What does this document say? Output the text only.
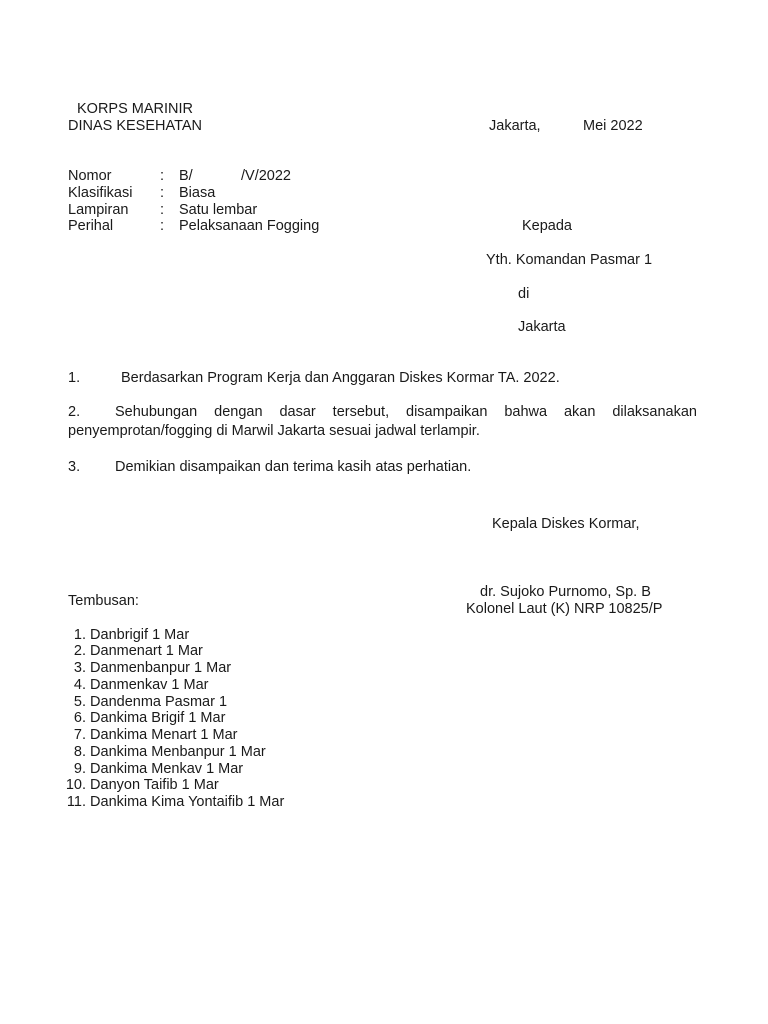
KORPS MARINIR
DINAS KESEHATAN	Jakarta,	Mei 2022
Nomor	: B/	/V/2022
Klasifikasi : Biasa
Lampiran : Satu lembar
Perihal	: Pelaksanaan Fogging	Kepada
Yth. Komandan Pasmar 1
di
Jakarta
1.	Berdasarkan Program Kerja dan Anggaran Diskes Kormar TA. 2022.
Sehubungan dengan dasar tersebut, disampaikan bahwa akan dilaksanakan penyemprotan/fogging di Marwil Jakarta sesuai jadwal terlampir.
2.
3. Demikian disampaikan dan terima kasih atas perhatian.
Kepala Diskes Kormar,
dr. Sujoko Purnomo, Sp. B
Kolonel Laut (K) NRP 10825/P
Tembusan:
1. Danbrigif 1 Mar
2. Danmenart 1 Mar
3. Danmenbanpur 1 Mar
4. Danmenkav 1 Mar
5. Dandenma Pasmar 1
6. Dankima Brigif 1 Mar
7. Dankima Menart 1 Mar
8. Dankima Menbanpur 1 Mar
9. Dankima Menkav 1 Mar
10. Danyon Taifib 1 Mar
11. Dankima Kima Yontaifib 1 Mar
